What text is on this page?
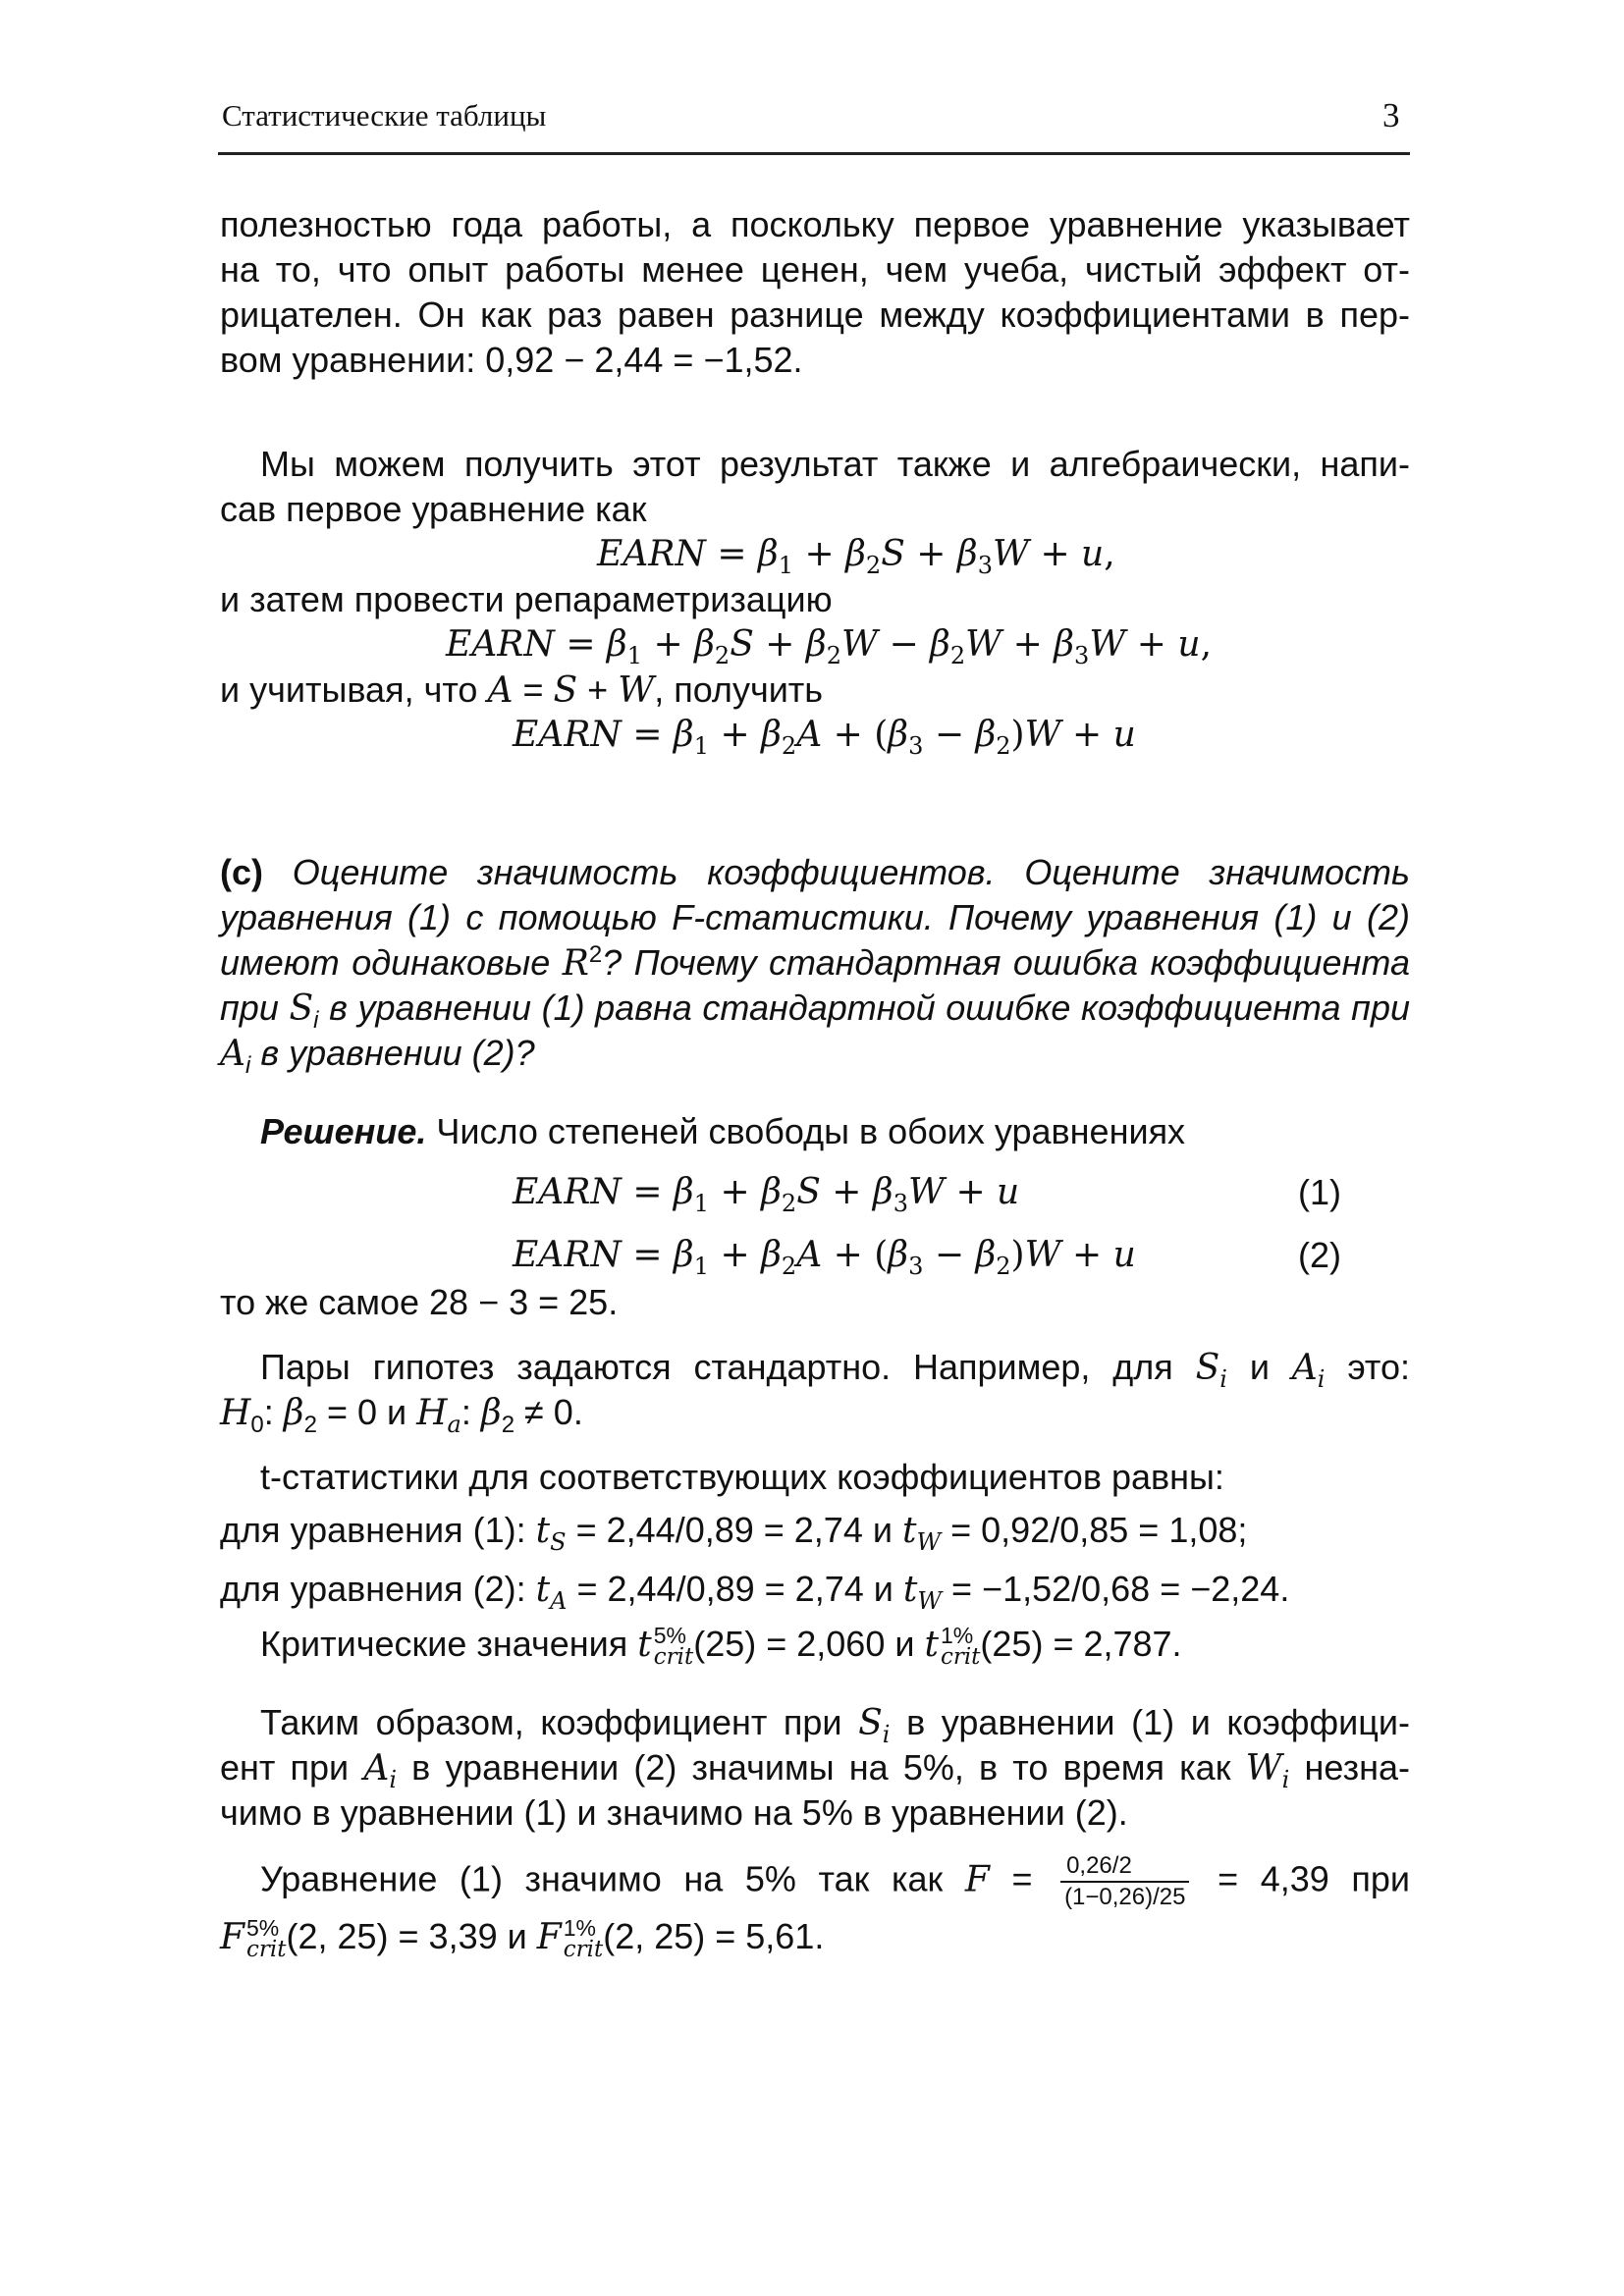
Статистические таблицы	3
полезностью года работы, а поскольку первое уравнение указывает
на то, что опыт работы менее ценен, чем учеба, чистый эффект от-
рицателен. Он как раз равен разнице между коэффициентами в пер-
вом уравнении: 0,92 − 2,44 = −1,52.
Мы можем получить этот результат также и алгебраически, напи-
сав первое уравнение как
EARN = $\beta_1 + \beta_2S + \beta_3W + u$,
и затем провести репараметризацию
EARN = $\beta_1 + \beta_2S + \beta_2W - \beta_2W + \beta_3W + u$,
и учитывая, что A = S + W, получить
EARN = $\beta_1 + \beta_2A + (\beta_3 - \beta_2)W + u$
(c) Оцените значимость коэффициентов. Оцените значимость
уравнения (1) с помощью F-статистики. Почему уравнения (1) и (2)
имеют одинаковые $R^2$? Почему стандартная ошибка коэффициента
при $S_i$ в уравнении (1) равна стандартной ошибке коэффициента при
$A_i$ в уравнении (2)?
Решение. Число степеней свободы в обоих уравнениях
EARN = $\beta_1 + \beta_2S + \beta_3W + u$	(1)
EARN = $\beta_1 + \beta_2A + (\beta_3 - \beta_2)W + u$	(2)
то же самое 28 − 3 = 25.
Пары гипотез задаются стандартно. Например, для $S_i$ и $A_i$ это:
$H_0$: $\beta_2 = 0$ и $H_a$: $\beta_2 \ne 0$.
t-статистики для соответствующих коэффициентов равны:
для уравнения (1): $t_S = 2,44/0,89 = 2,74$ и $t_W = 0,92/0,85 = 1,08$;
для уравнения (2): $t_A = 2,44/0,89 = 2,74$ и $t_W = -1,52/0,68 = -2,24$.
Критические значения t 5%
crit (25) = 2,060 и t 1%
crit (25) = 2,787.
Таким образом, коэффициент при $S_i$ в уравнении (1) и коэффици-
ент при $A_i$ в уравнении (2) значимы на 5%, в то время как $W_i$ незна-
чимо в уравнении (1) и значимо на 5% в уравнении (2).
Уравнение (1) значимо на 5% так как $F = \frac{0,26/2}{(1-0,26)/25} = 4,39$ при
F 5%
crit (2, 25) = 3,39 и F 1%
crit (2, 25) = 5,61.
